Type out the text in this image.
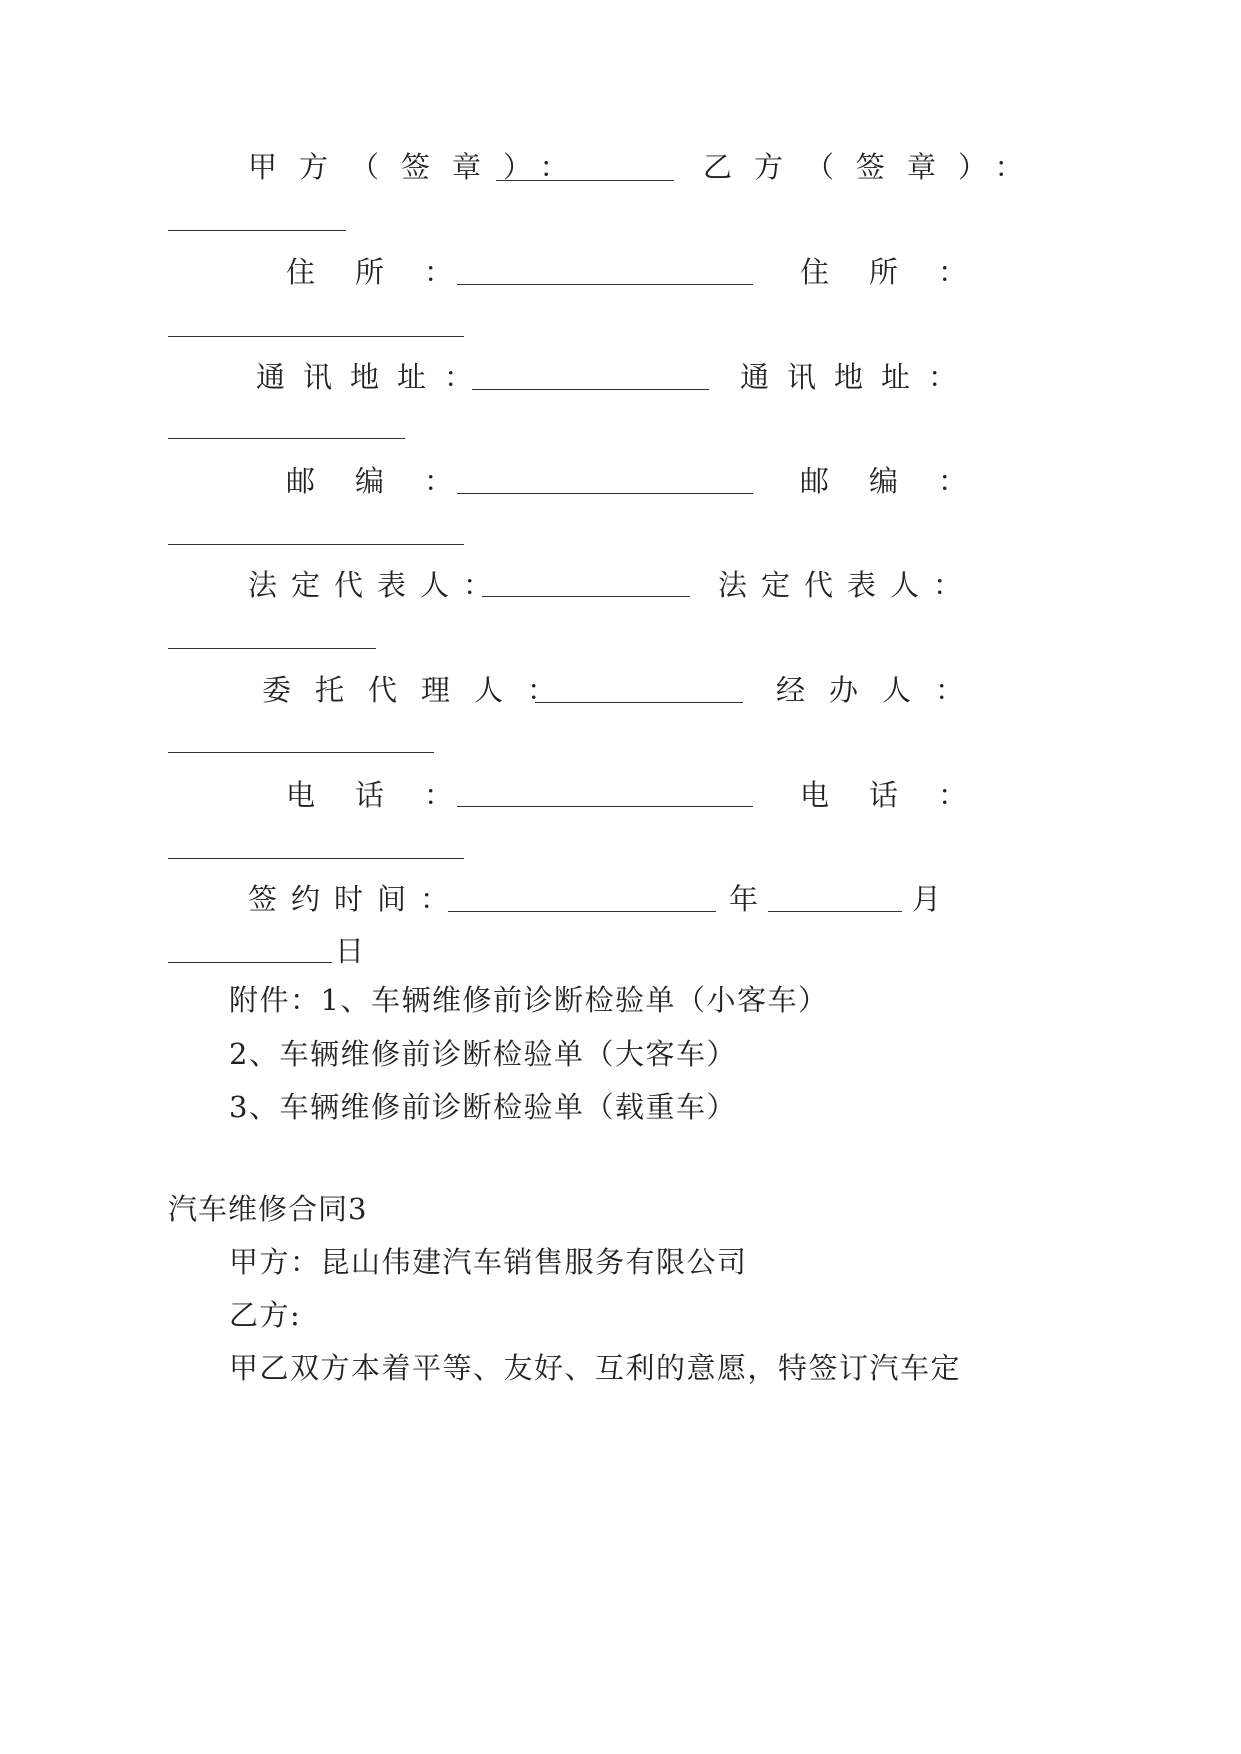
甲方（签章）：	乙方（签章）：
住所：	住所：
通讯地址：	通讯地址：
邮编：	邮编：
法定代表人：	法定代表人：
委托代理人：	经办人：
电话：	电话：
签约时间：	年	月
日
附件：1、车辆维修前诊断检验单（小客车）
2、车辆维修前诊断检验单（大客车）
3、车辆维修前诊断检验单（载重车）
汽车维修合同3
甲方：昆山伟建汽车销售服务有限公司
乙方:
甲乙双方本着平等、友好、互利的意愿，特签订汽车定
